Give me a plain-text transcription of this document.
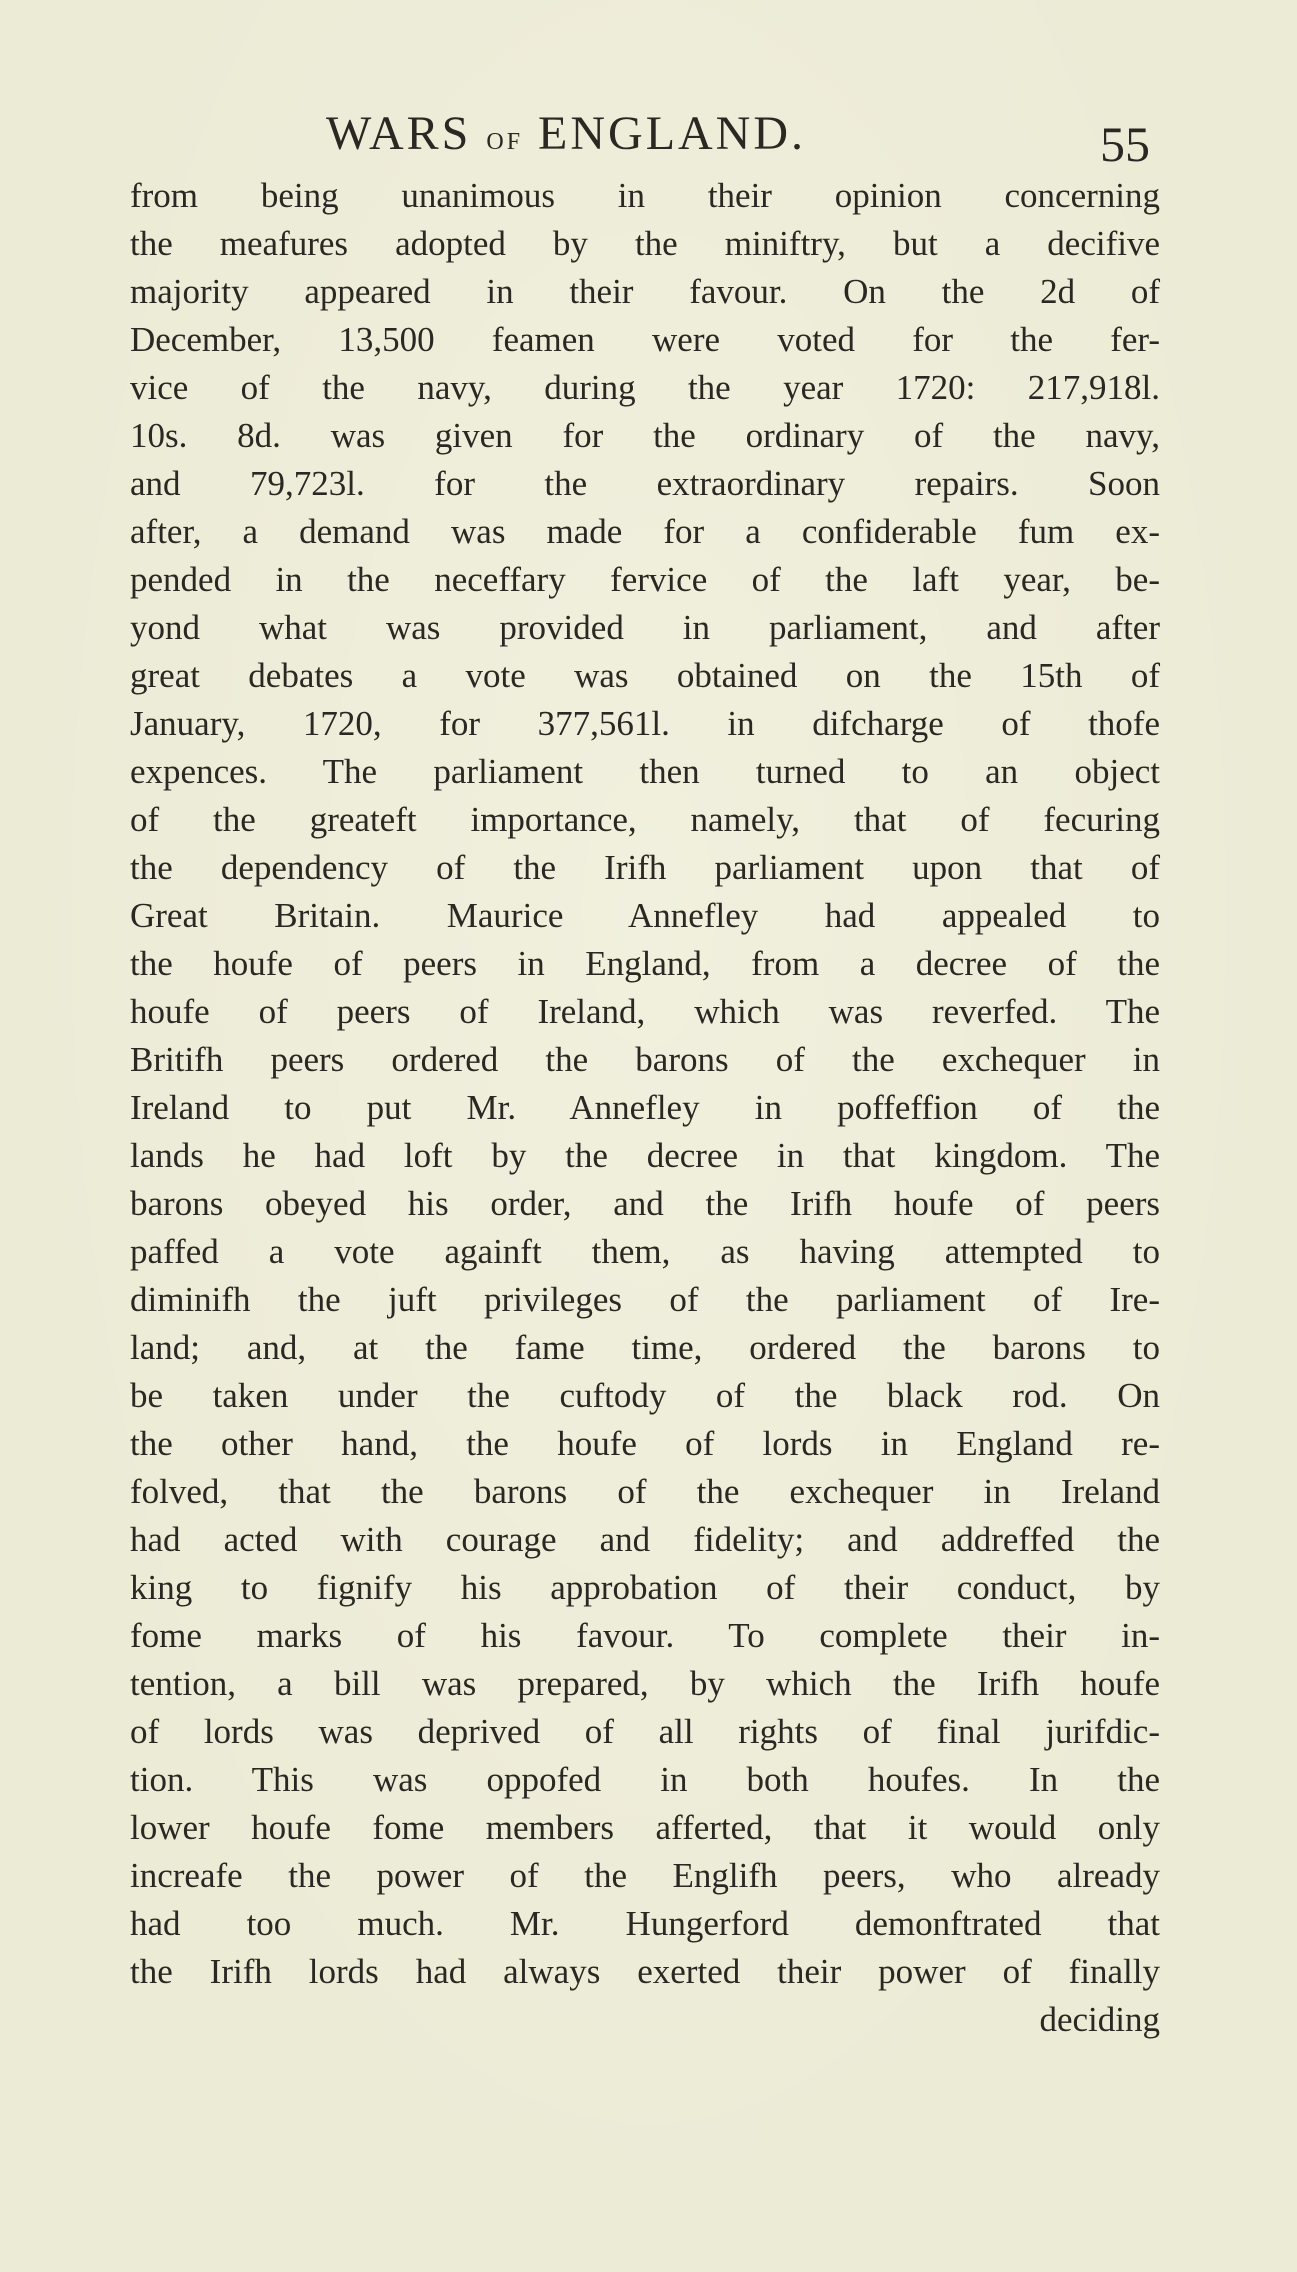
WARS OF ENGLAND.	55
from being unanimous in their opinion concerning
the meafures adopted by the miniftry, but a decifive
majority appeared in their favour. On the 2d of
December, 13,500 feamen were voted for the fer-
vice of the navy, during the year 1720: 217,918l.
10s. 8d. was given for the ordinary of the navy,
and 79,723l. for the extraordinary repairs. Soon
after, a demand was made for a confiderable fum ex-
pended in the neceffary fervice of the laft year, be-
yond what was provided in parliament, and after
great debates a vote was obtained on the 15th of
January, 1720, for 377,561l. in difcharge of thofe
expences. The parliament then turned to an object
of the greateft importance, namely, that of fecuring
the dependency of the Irifh parliament upon that of
Great Britain. Maurice Annefley had appealed to
the houfe of peers in England, from a decree of the
houfe of peers of Ireland, which was reverfed. The
Britifh peers ordered the barons of the exchequer in
Ireland to put Mr. Annefley in poffeffion of the
lands he had loft by the decree in that kingdom. The
barons obeyed his order, and the Irifh houfe of peers
paffed a vote againft them, as having attempted to
diminifh the juft privileges of the parliament of Ire-
land; and, at the fame time, ordered the barons to
be taken under the cuftody of the black rod. On
the other hand, the houfe of lords in England re-
folved, that the barons of the exchequer in Ireland
had acted with courage and fidelity; and addreffed the
king to fignify his approbation of their conduct, by
fome marks of his favour. To complete their in-
tention, a bill was prepared, by which the Irifh houfe
of lords was deprived of all rights of final jurifdic-
tion. This was oppofed in both houfes. In the
lower houfe fome members afferted, that it would only
increafe the power of the Englifh peers, who already
had too much. Mr. Hungerford demonftrated that
the Irifh lords had always exerted their power of finally
deciding
